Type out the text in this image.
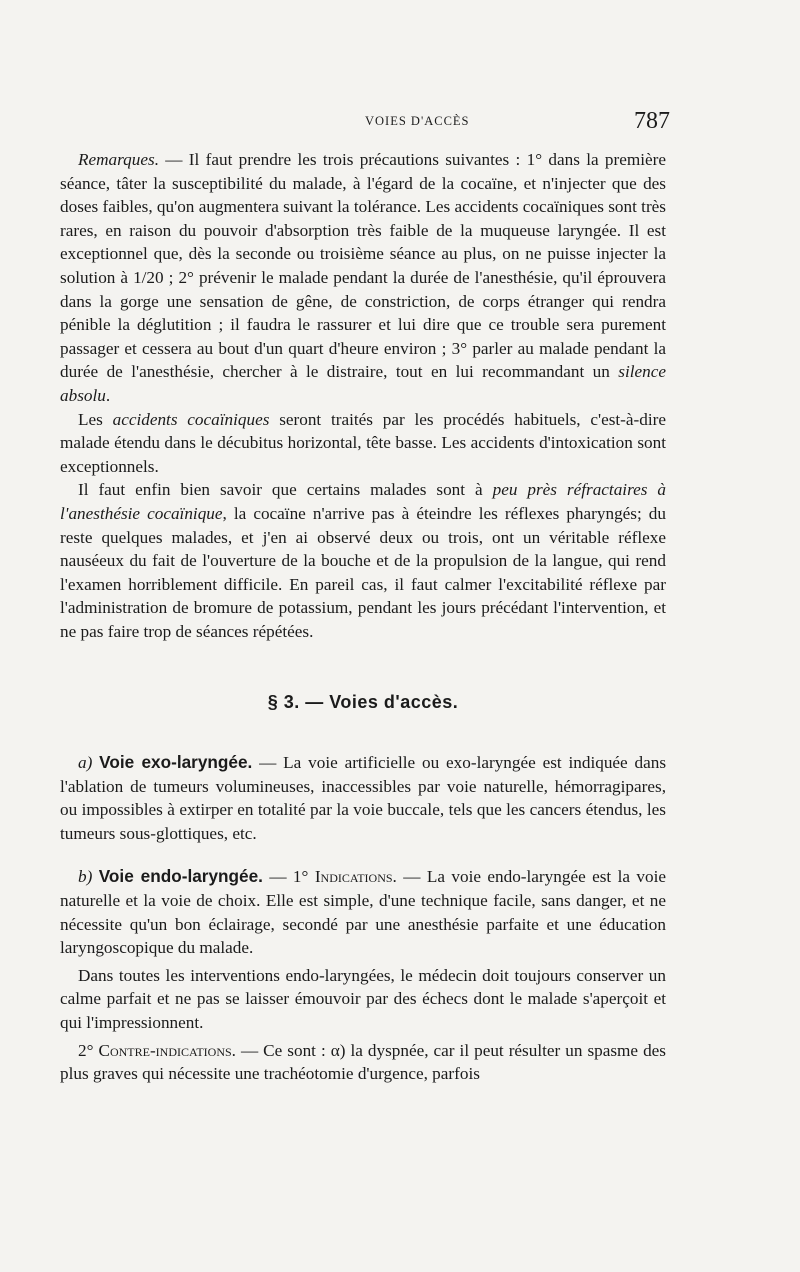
VOIES D'ACCÈS	787

Remarques. — Il faut prendre les trois précautions suivantes : 1° dans la première séance, tâter la susceptibilité du malade, à l'égard de la cocaïne, et n'injecter que des doses faibles, qu'on augmentera suivant la tolérance. Les accidents cocaïniques sont très rares, en raison du pouvoir d'absorption très faible de la muqueuse laryngée. Il est exceptionnel que, dès la seconde ou troisième séance au plus, on ne puisse injecter la solution à 1/20 ; 2° prévenir le malade pendant la durée de l'anesthésie, qu'il éprouvera dans la gorge une sensation de gêne, de constriction, de corps étranger qui rendra pénible la déglutition ; il faudra le rassurer et lui dire que ce trouble sera purement passager et cessera au bout d'un quart d'heure environ ; 3° parler au malade pendant la durée de l'anesthésie, chercher à le distraire, tout en lui recommandant un silence absolu.

Les accidents cocaïniques seront traités par les procédés habituels, c'est-à-dire malade étendu dans le décubitus horizontal, tête basse. Les accidents d'intoxication sont exceptionnels.

Il faut enfin bien savoir que certains malades sont à peu près réfractaires à l'anesthésie cocaïnique, la cocaïne n'arrive pas à éteindre les réflexes pharyngés; du reste quelques malades, et j'en ai observé deux ou trois, ont un véritable réflexe nauséeux du fait de l'ouverture de la bouche et de la propulsion de la langue, qui rend l'examen horriblement difficile. En pareil cas, il faut calmer l'excitabilité réflexe par l'administration de bromure de potassium, pendant les jours précédant l'intervention, et ne pas faire trop de séances répétées.

§ 3. — Voies d'accès.

a) Voie exo-laryngée. — La voie artificielle ou exo-laryngée est indiquée dans l'ablation de tumeurs volumineuses, inaccessibles par voie naturelle, hémorragipares, ou impossibles à extirper en totalité par la voie buccale, tels que les cancers étendus, les tumeurs sous-glottiques, etc.

b) Voie endo-laryngée. — 1° Indications. — La voie endo-laryngée est la voie naturelle et la voie de choix. Elle est simple, d'une technique facile, sans danger, et ne nécessite qu'un bon éclairage, secondé par une anesthésie parfaite et une éducation laryngoscopique du malade.

Dans toutes les interventions endo-laryngées, le médecin doit toujours conserver un calme parfait et ne pas se laisser émouvoir par des échecs dont le malade s'aperçoit et qui l'impressionnent.

2° Contre-indications. — Ce sont : α) la dyspnée, car il peut résulter un spasme des plus graves qui nécessite une trachéotomie d'urgence, parfois
